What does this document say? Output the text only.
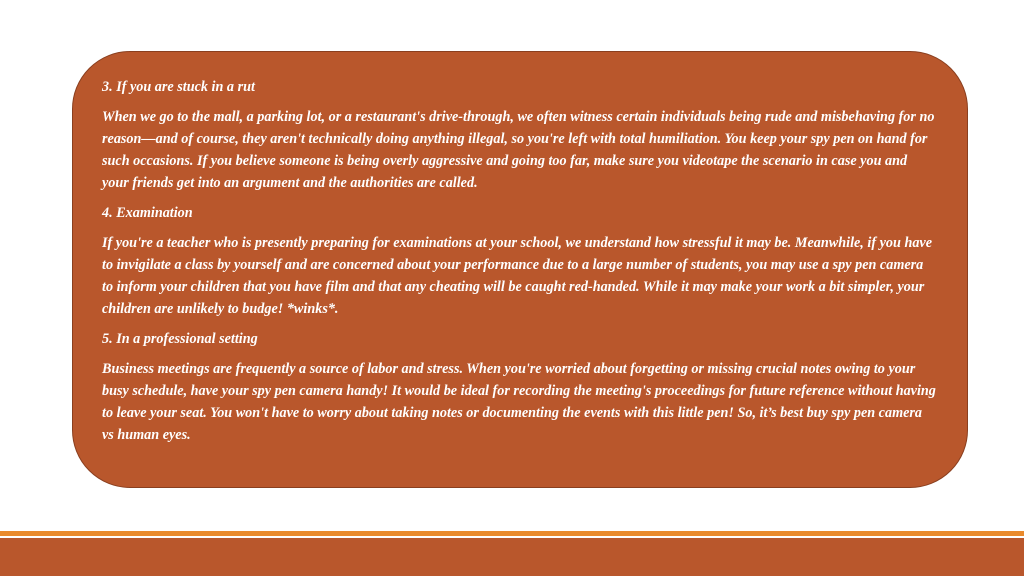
3. If you are stuck in a rut

When we go to the mall, a parking lot, or a restaurant's drive-through, we often witness certain individuals being rude and misbehaving for no reason—and of course, they aren't technically doing anything illegal, so you're left with total humiliation. You keep your spy pen on hand for such occasions. If you believe someone is being overly aggressive and going too far, make sure you videotape the scenario in case you and your friends get into an argument and the authorities are called.

4. Examination

If you're a teacher who is presently preparing for examinations at your school, we understand how stressful it may be. Meanwhile, if you have to invigilate a class by yourself and are concerned about your performance due to a large number of students, you may use a spy pen camera to inform your children that you have film and that any cheating will be caught red-handed. While it may make your work a bit simpler, your children are unlikely to budge! *winks*.

5. In a professional setting

Business meetings are frequently a source of labor and stress. When you're worried about forgetting or missing crucial notes owing to your busy schedule, have your spy pen camera handy! It would be ideal for recording the meeting's proceedings for future reference without having to leave your seat. You won't have to worry about taking notes or documenting the events with this little pen! So, it’s best buy spy pen camera vs human eyes.
